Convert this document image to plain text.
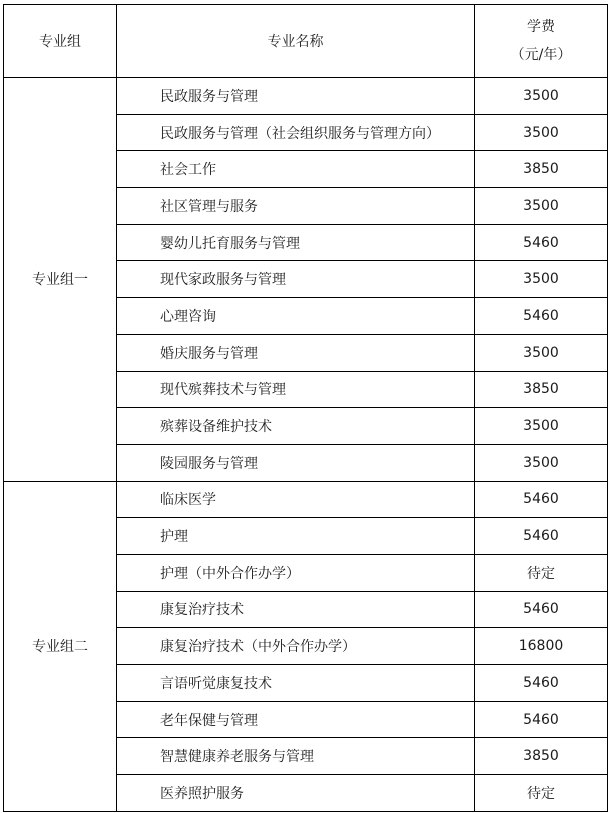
专业组	专业名称	学费
（元/年）

专业组一	民政服务与管理	3500
	民政服务与管理（社会组织服务与管理方向）	3500
	社会工作	3850
	社区管理与服务	3500
	婴幼儿托育服务与管理	5460
	现代家政服务与管理	3500
	心理咨询	5460
	婚庆服务与管理	3500
	现代殡葬技术与管理	3850
	殡葬设备维护技术	3500
	陵园服务与管理	3500
专业组二	临床医学	5460
	护理	5460
	护理（中外合作办学）	待定
	康复治疗技术	5460
	康复治疗技术（中外合作办学）	16800
	言语听觉康复技术	5460
	老年保健与管理	5460
	智慧健康养老服务与管理	3850
	医养照护服务	待定
